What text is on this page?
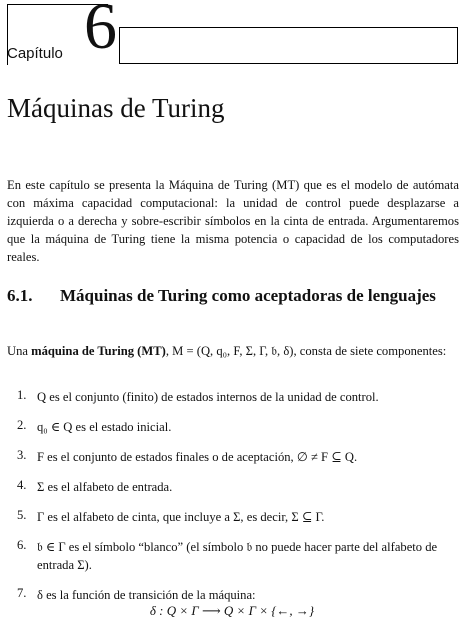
Capítulo 6
Máquinas de Turing

En este capítulo se presenta la Máquina de Turing (MT) que es el modelo de autómata con máxima capacidad computacional: la unidad de control puede desplazarse a izquierda o a derecha y sobre-escribir símbolos en la cinta de entrada. Argumentaremos que la máquina de Turing tiene la misma potencia o capacidad de los computadores reales.

6.1. Máquinas de Turing como aceptadoras de lenguajes

Una máquina de Turing (MT), M = (Q, q₀, F, Σ, Γ, 𝔟, δ), consta de siete componentes:

1. Q es el conjunto (finito) de estados internos de la unidad de control.
2. q₀ ∈ Q es el estado inicial.
3. F es el conjunto de estados finales o de aceptación, ∅ ≠ F ⊆ Q.
4. Σ es el alfabeto de entrada.
5. Γ es el alfabeto de cinta, que incluye a Σ, es decir, Σ ⊆ Γ.
6. 𝔟 ∈ Γ es el símbolo “blanco” (el símbolo 𝔟 no puede hacer parte del alfabeto de entrada Σ).
7. δ es la función de transición de la máquina:
δ : Q × Γ ⟶ Q × Γ × {←, →}
